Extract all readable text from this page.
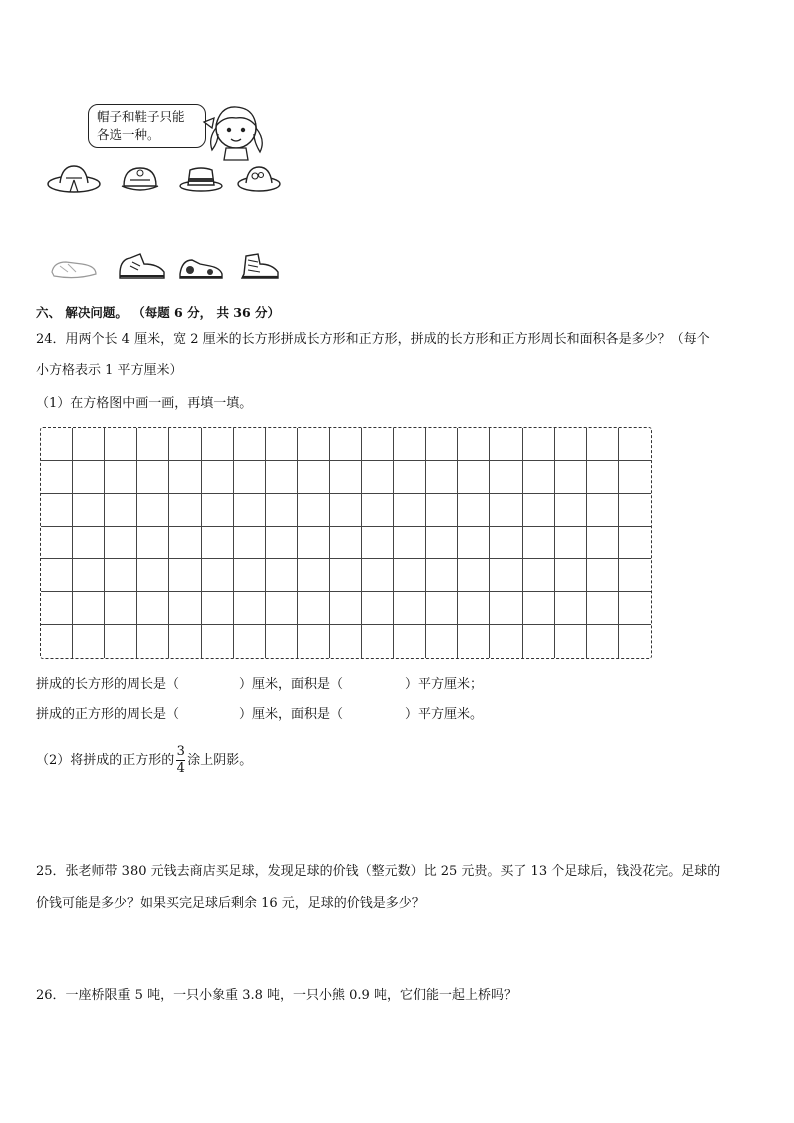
帽子和鞋子只能
各选一种。
六、 解决问题。 （每题 6 分， 共 36 分）
24．用两个长 4 厘米，宽 2 厘米的长方形拼成长方形和正方形，拼成的长方形和正方形周长和面积各是多少？（每个
小方格表示 1 平方厘米）
（1）在方格图中画一画，再填一填。
拼成的长方形的周长是（	）厘米，面积是（	）平方厘米；
拼成的正方形的周长是（	）厘米，面积是（	）平方厘米。
（2）将拼成的正方形的 $\frac{3}{4}$ 涂上阴影。
25．张老师带 380 元钱去商店买足球，发现足球的价钱（整元数）比 25 元贵。买了 13 个足球后，钱没花完。足球的
价钱可能是多少？如果买完足球后剩余 16 元，足球的价钱是多少？
26．一座桥限重 5 吨，一只小象重 3.8 吨，一只小熊 0.9 吨，它们能一起上桥吗？
